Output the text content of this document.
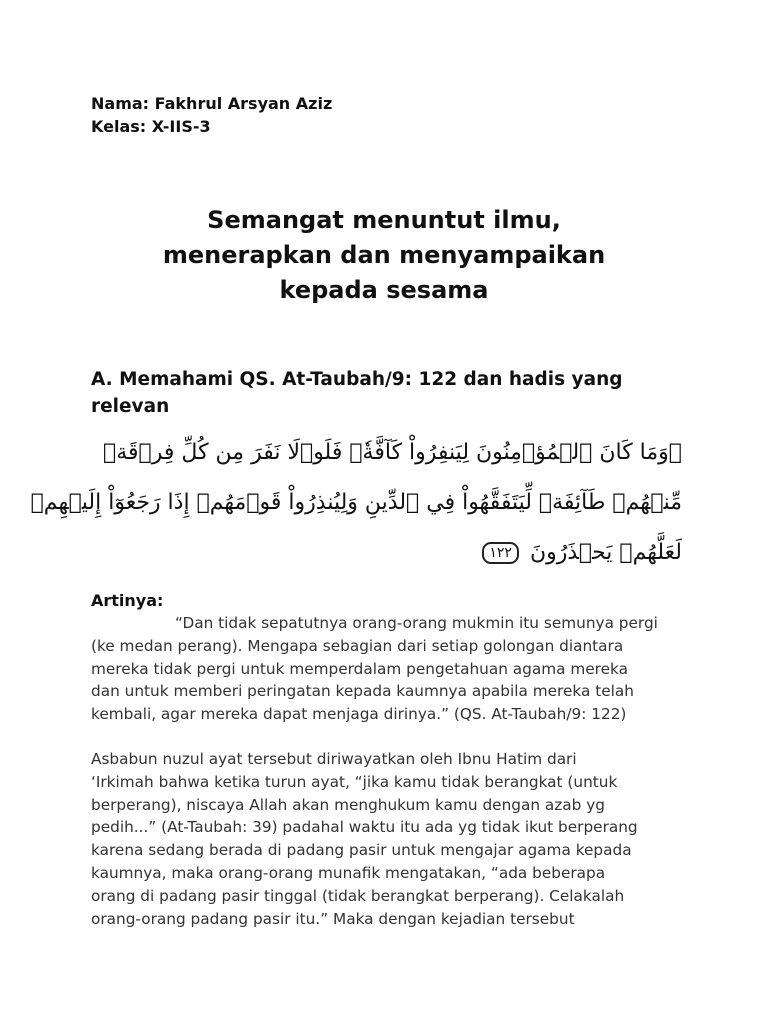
Nama: Fakhrul Arsyan Aziz
Kelas: X-IIS-3
Semangat menuntut ilmu,
menerapkan dan menyampaikan
kepada sesama
A. Memahami QS. At-Taubah/9: 122 dan hadis yang
relevan
۞وَمَا كَانَ ٱلۡمُؤۡمِنُونَ لِيَنفِرُواْ كَآفَّةٗۚ فَلَوۡلَا نَفَرَ مِن كُلِّ فِرۡقَةٖ
مِّنۡهُمۡ طَآئِفَةٞ لِّيَتَفَقَّهُواْ فِي ٱلدِّينِ وَلِيُنذِرُواْ قَوۡمَهُمۡ إِذَا رَجَعُوٓاْ إِلَيۡهِمۡ
لَعَلَّهُمۡ يَحۡذَرُونَ ١٢٢
Artinya:
“Dan tidak sepatutnya orang-orang mukmin itu semunya pergi
(ke medan perang). Mengapa sebagian dari setiap golongan diantara
mereka tidak pergi untuk memperdalam pengetahuan agama mereka
dan untuk memberi peringatan kepada kaumnya apabila mereka telah
kembali, agar mereka dapat menjaga dirinya.” (QS. At-Taubah/9: 122)
Asbabun nuzul ayat tersebut diriwayatkan oleh Ibnu Hatim dari
‘Irkimah bahwa ketika turun ayat, “jika kamu tidak berangkat (untuk
berperang), niscaya Allah akan menghukum kamu dengan azab yg
pedih...” (At-Taubah: 39) padahal waktu itu ada yg tidak ikut berperang
karena sedang berada di padang pasir untuk mengajar agama kepada
kaumnya, maka orang-orang munafik mengatakan, “ada beberapa
orang di padang pasir tinggal (tidak berangkat berperang). Celakalah
orang-orang padang pasir itu.” Maka dengan kejadian tersebut
